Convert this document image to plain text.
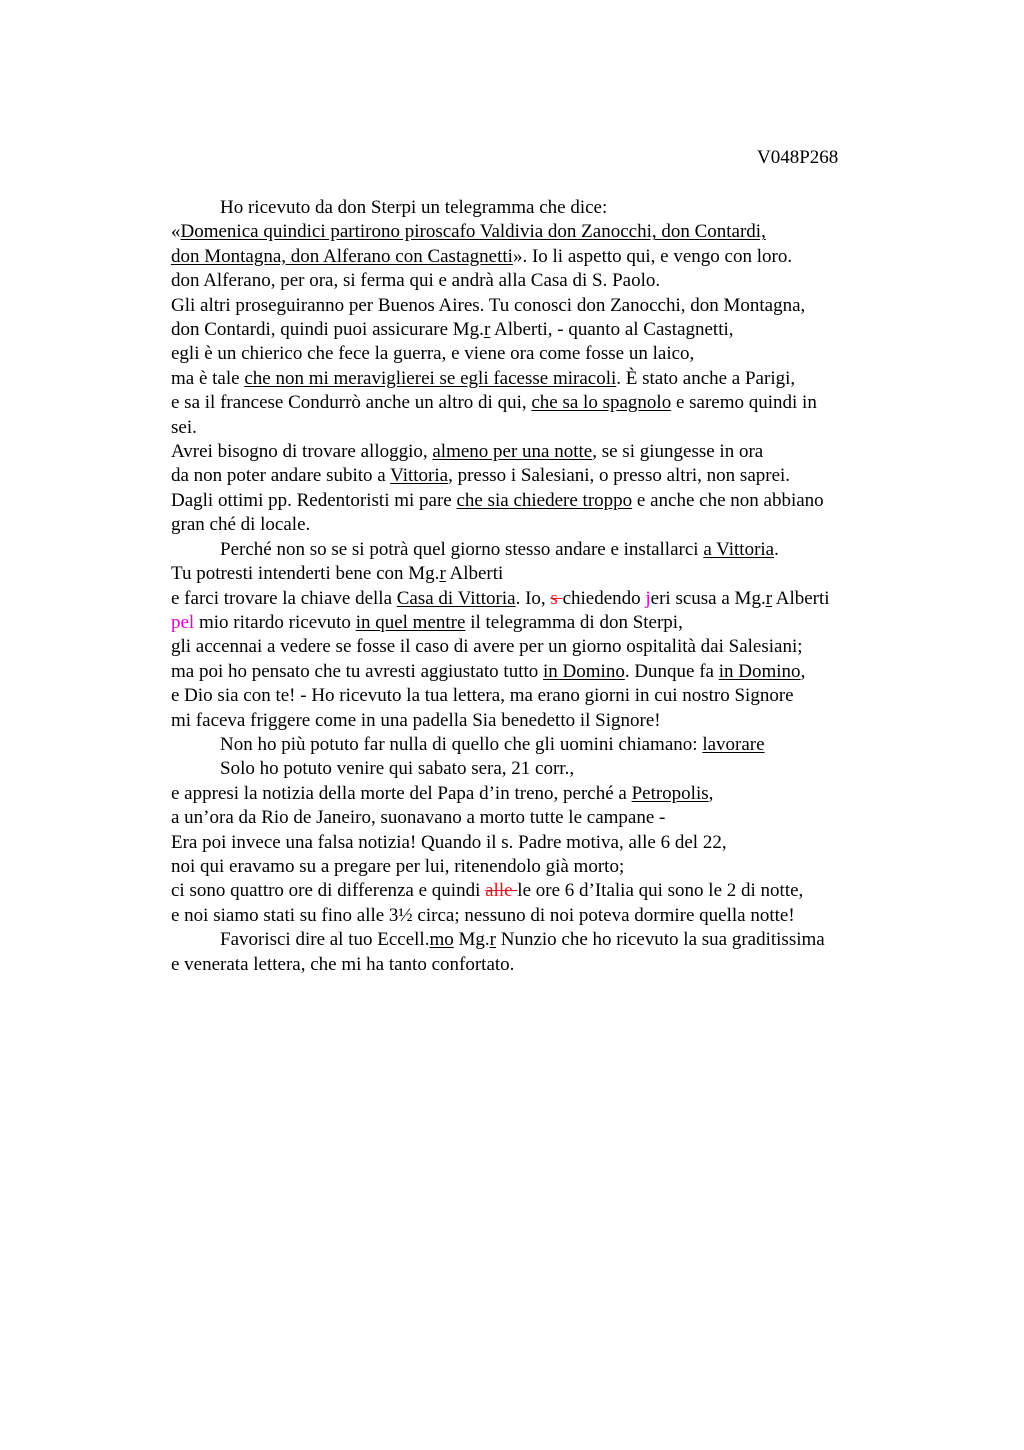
V048P268
Ho ricevuto da don Sterpi un telegramma che dice:
«Domenica quindici partirono piroscafo Valdivia don Zanocchi, don Contardi,
don Montagna, don Alferano con Castagnetti». Io li aspetto qui, e vengo con loro.
don Alferano, per ora, si ferma qui e andrà alla Casa di S. Paolo.
Gli altri proseguiranno per Buenos Aires. Tu conosci don Zanocchi, don Montagna,
don Contardi, quindi puoi assicurare Mg.r Alberti, - quanto al Castagnetti,
egli è un chierico che fece la guerra, e viene ora come fosse un laico,
ma è tale che non mi meraviglierei se egli facesse miracoli. È stato anche a Parigi,
e sa il francese Condurrò anche un altro di qui, che sa lo spagnolo e saremo quindi in
sei.
Avrei bisogno di trovare alloggio, almeno per una notte, se si giungesse in ora
da non poter andare subito a Vittoria, presso i Salesiani, o presso altri, non saprei.
Dagli ottimi pp. Redentoristi mi pare che sia chiedere troppo e anche che non abbiano
gran ché di locale.
Perché non so se si potrà quel giorno stesso andare e installarci a Vittoria.
Tu potresti intenderti bene con Mg.r Alberti
e farci trovare la chiave della Casa di Vittoria. Io, s chiedendo jeri scusa a Mg.r Alberti
pel mio ritardo ricevuto in quel mentre il telegramma di don Sterpi,
gli accennai a vedere se fosse il caso di avere per un giorno ospitalità dai Salesiani;
ma poi ho pensato che tu avresti aggiustato tutto in Domino. Dunque fa in Domino,
e Dio sia con te! - Ho ricevuto la tua lettera, ma erano giorni in cui nostro Signore
mi faceva friggere come in una padella Sia benedetto il Signore!
Non ho più potuto far nulla di quello che gli uomini chiamano: lavorare
Solo ho potuto venire qui sabato sera, 21 corr.,
e appresi la notizia della morte del Papa d’in treno, perché a Petropolis,
a un’ora da Rio de Janeiro, suonavano a morto tutte le campane -
Era poi invece una falsa notizia! Quando il s. Padre motiva, alle 6 del 22,
noi qui eravamo su a pregare per lui, ritenendolo già morto;
ci sono quattro ore di differenza e quindi alle le ore 6 d’Italia qui sono le 2 di notte,
e noi siamo stati su fino alle 3½ circa; nessuno di noi poteva dormire quella notte!
Favorisci dire al tuo Eccell.mo Mg.r Nunzio che ho ricevuto la sua graditissima
e venerata lettera, che mi ha tanto confortato.
